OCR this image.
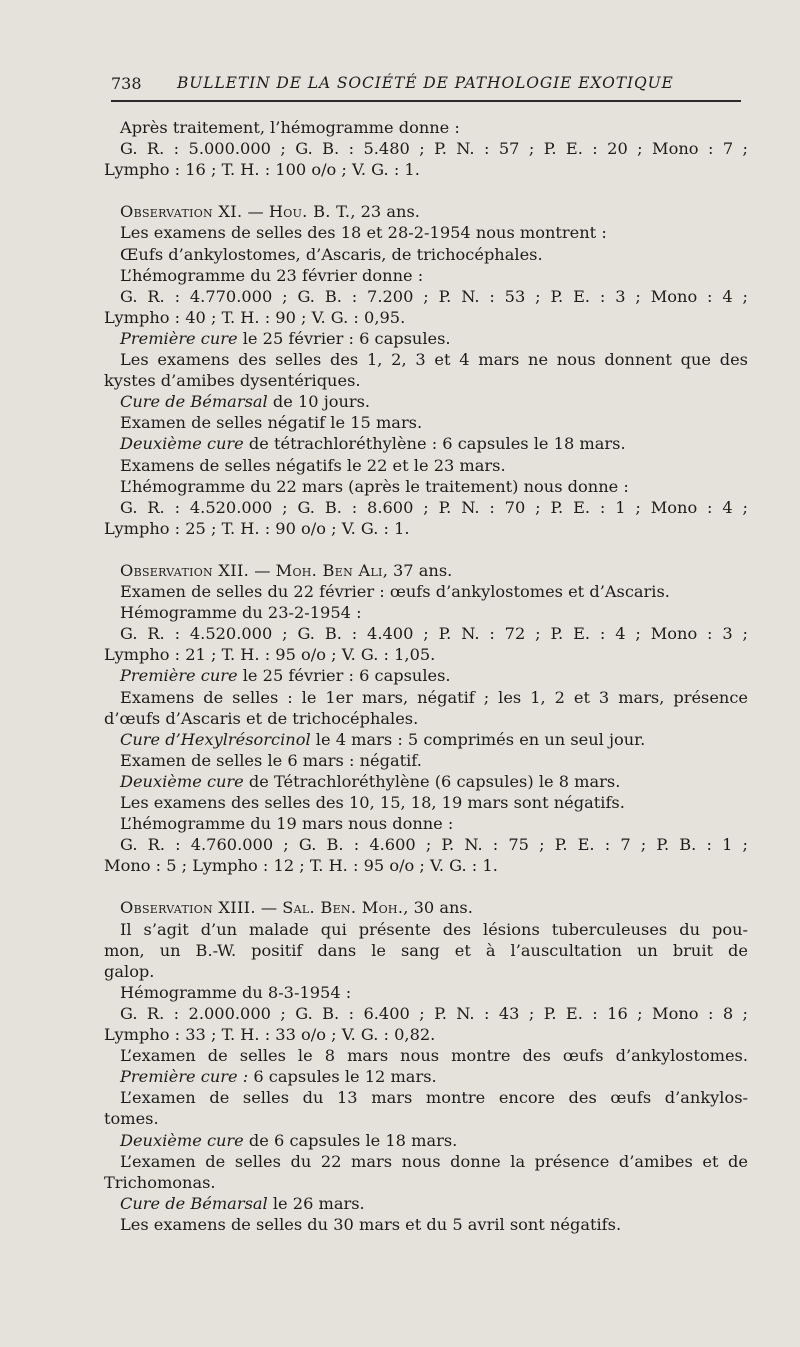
738 BULLETIN DE LA SOCIÉTÉ DE PATHOLOGIE EXOTIQUE
Après traitement, l’hémogramme donne :
G. R. : 5.000.000 ; G. B. : 5.480 ; P. N. : 57 ; P. E. : 20 ; Mono : 7 ;
Lympho : 16 ; T. H. : 100 o/o ; V. G. : 1.
Observation XI. — Hou. B. T., 23 ans.
Les examens de selles des 18 et 28-2-1954 nous montrent :
Œufs d’ankylostomes, d’Ascaris, de trichocéphales.
L’hémogramme du 23 février donne :
G. R. : 4.770.000 ; G. B. : 7.200 ; P. N. : 53 ; P. E. : 3 ; Mono : 4 ;
Lympho : 40 ; T. H. : 90 ; V. G. : 0,95.
Première cure le 25 février : 6 capsules.
Les examens des selles des 1, 2, 3 et 4 mars ne nous donnent que des
kystes d’amibes dysentériques.
Cure de Bémarsal de 10 jours.
Examen de selles négatif le 15 mars.
Deuxième cure de tétrachloréthylène : 6 capsules le 18 mars.
Examens de selles négatifs le 22 et le 23 mars.
L’hémogramme du 22 mars (après le traitement) nous donne :
G. R. : 4.520.000 ; G. B. : 8.600 ; P. N. : 70 ; P. E. : 1 ; Mono : 4 ;
Lympho : 25 ; T. H. : 90 o/o ; V. G. : 1.
Observation XII. — Moh. Ben Ali, 37 ans.
Examen de selles du 22 février : œufs d’ankylostomes et d’Ascaris.
Hémogramme du 23-2-1954 :
G. R. : 4.520.000 ; G. B. : 4.400 ; P. N. : 72 ; P. E. : 4 ; Mono : 3 ;
Lympho : 21 ; T. H. : 95 o/o ; V. G. : 1,05.
Première cure le 25 février : 6 capsules.
Examens de selles : le 1er mars, négatif ; les 1, 2 et 3 mars, présence
d’œufs d’Ascaris et de trichocéphales.
Cure d’Hexylrésorcinol le 4 mars : 5 comprimés en un seul jour.
Examen de selles le 6 mars : négatif.
Deuxième cure de Tétrachloréthylène (6 capsules) le 8 mars.
Les examens des selles des 10, 15, 18, 19 mars sont négatifs.
L’hémogramme du 19 mars nous donne :
G. R. : 4.760.000 ; G. B. : 4.600 ; P. N. : 75 ; P. E. : 7 ; P. B. : 1 ;
Mono : 5 ; Lympho : 12 ; T. H. : 95 o/o ; V. G. : 1.
Observation XIII. — Sal. Ben. Moh., 30 ans.
Il s’agit d’un malade qui présente des lésions tuberculeuses du pou-
mon, un B.-W. positif dans le sang et à l’auscultation un bruit de
galop.
Hémogramme du 8-3-1954 :
G. R. : 2.000.000 ; G. B. : 6.400 ; P. N. : 43 ; P. E. : 16 ; Mono : 8 ;
Lympho : 33 ; T. H. : 33 o/o ; V. G. : 0,82.
L’examen de selles le 8 mars nous montre des œufs d’ankylostomes.
Première cure : 6 capsules le 12 mars.
L’examen de selles du 13 mars montre encore des œufs d’ankylos-
tomes.
Deuxième cure de 6 capsules le 18 mars.
L’examen de selles du 22 mars nous donne la présence d’amibes et de
Trichomonas.
Cure de Bémarsal le 26 mars.
Les examens de selles du 30 mars et du 5 avril sont négatifs.
